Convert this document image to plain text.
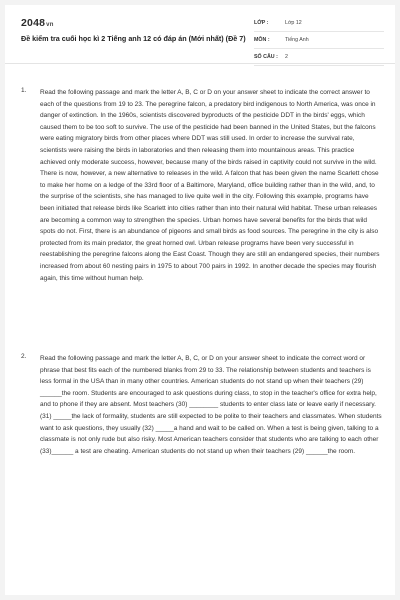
2048vn
Đề kiểm tra cuối học kì 2 Tiếng anh 12 có đáp án (Mới nhất) (Đề 7)
LỚP :	Lớp 12
MÔN :	Tiếng Anh
SỐ CÂU : 2
1. Read the following passage and mark the letter A, B, C or D on your answer sheet to indicate the correct answer to each of the questions from 19 to 23. The peregrine falcon, a predatory bird indigenous to North America, was once in danger of extinction. In the 1960s, scientists discovered byproducts of the pesticide DDT in the birds' eggs, which caused them to be too soft to survive. The use of the pesticide had been banned in the United States, but the falcons were eating migratory birds from other places where DDT was still used. In order to increase the survival rate, scientists were raising the birds in laboratories and then releasing them into mountainous areas. This practice achieved only moderate success, however, because many of the birds raised in captivity could not survive in the wild. There is now, however, a new alternative to releases in the wild. A falcon that has been given the name Scarlett chose to make her home on a ledge of the 33rd floor of a Baltimore, Maryland, office building rather than in the wild, and, to the surprise of the scientists, she has managed to live quite well in the city. Following this example, programs have been initiated that release birds like Scarlett into cities rather than into their natural wild habitat. These urban releases are becoming a common way to strengthen the species. Urban homes have several benefits for the birds that wild spots do not. First, there is an abundance of pigeons and small birds as food sources. The peregrine in the city is also protected from its main predator, the great horned owl. Urban release programs have been very successful in reestablishing the peregrine falcons along the East Coast. Though they are still an endangered species, their numbers increased from about 60 nesting pairs in 1975 to about 700 pairs in 1992. In another decade the species may flourish again, this time without human help.
2. Read the following passage and mark the letter A, B, C, or D on your answer sheet to indicate the correct word or phrase that best fits each of the numbered blanks from 29 to 33. The relationship between students and teachers is less formal in the USA than in many other countries. American students do not stand up when their teachers (29) ______the room. Students are encouraged to ask questions during class, to stop in the teacher's office for extra help, and to phone if they are absent. Most teachers (30) ________ students to enter class late or leave early if necessary. (31) _____the lack of formality, students are still expected to be polite to their teachers and classmates. When students want to ask questions, they usually (32) _____a hand and wait to be called on. When a test is being given, talking to a classmate is not only rude but also risky. Most American teachers consider that students who are talking to each other (33)______ a test are cheating. American students do not stand up when their teachers (29) ______the room.
